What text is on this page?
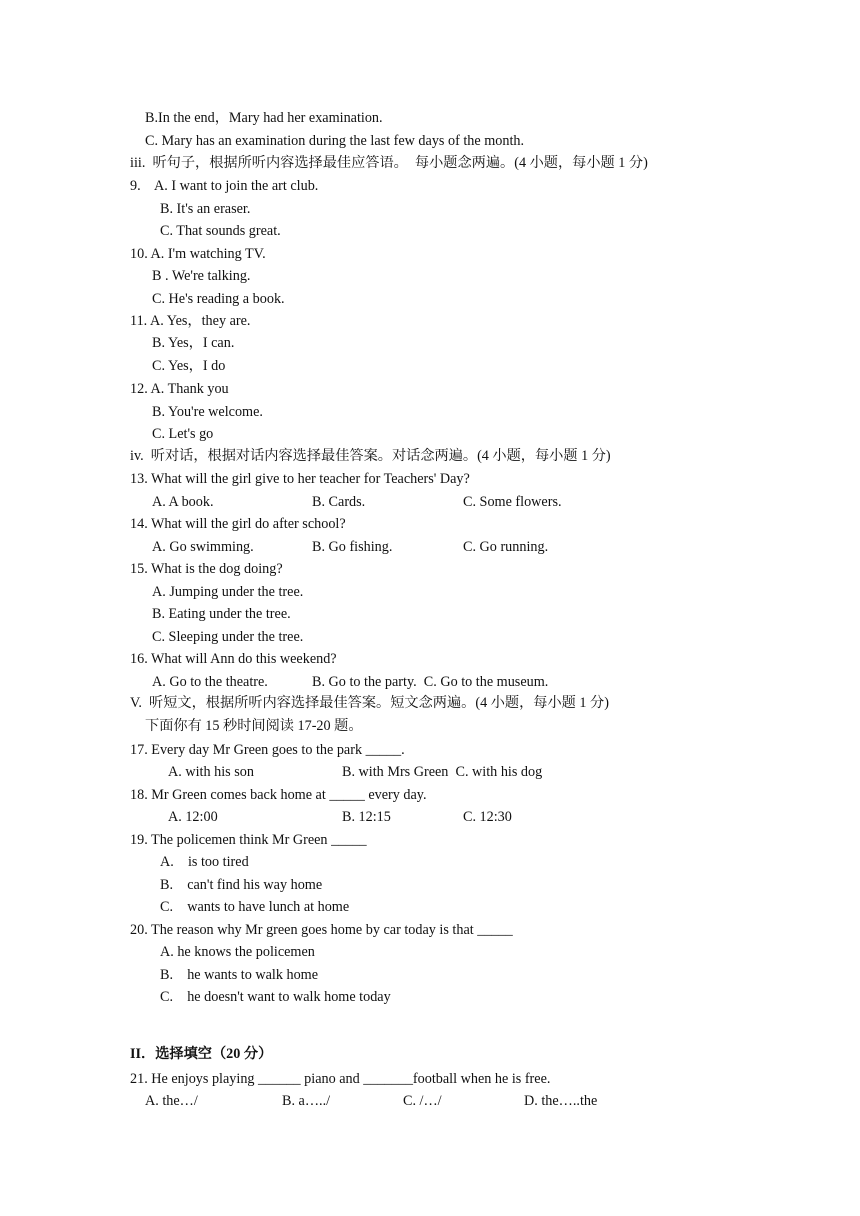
B.In the end，Mary had her examination.
C. Mary has an examination during the last few days of the month.
iii.  听句子，根据所听内容选择最佳应答语。  每小题念两遍。(4 小题，每小题 1 分)
9.    A. I want to join the art club.
B. It's an eraser.
C. That sounds great.
10. A. I'm watching TV.
B . We're talking.
C. He's reading a book.
11. A. Yes，they are.
B. Yes，I can.
C. Yes，I do
12. A. Thank you
B. You're welcome.
C. Let's go
iv.  听对话，根据对话内容选择最佳答案。对话念两遍。(4 小题，每小题 1 分)
13. What will the girl give to her teacher for Teachers' Day?
A. A book.	B. Cards.	C. Some flowers.
14. What will the girl do after school?
A. Go swimming.	B. Go fishing.	C. Go running.
15. What is the dog doing?
A. Jumping under the tree.
B. Eating under the tree.
C. Sleeping under the tree.
16. What will Ann do this weekend?
A. Go to the theatre.	B. Go to the party.  C. Go to the museum.
V.  听短文，根据所听内容选择最佳答案。短文念两遍。(4 小题，每小题 1 分)
下面你有 15 秒时间阅读 17-20 题。
17. Every day Mr Green goes to the park _____.
A. with his son	B. with Mrs Green  C. with his dog
18. Mr Green comes back home at _____ every day.
A. 12:00	B. 12:15	C. 12:30
19. The policemen think Mr Green _____
A.    is too tired
B.    can't find his way home
C.    wants to have lunch at home
20. The reason why Mr green goes home by car today is that _____
A. he knows the policemen
B.    he wants to walk home
C.    he doesn't want to walk home today
II．选择填空（20 分）
21. He enjoys playing ______ piano and _______football when he is free.
A. the…/	B. a…../	C. /…/	D. the…..the
